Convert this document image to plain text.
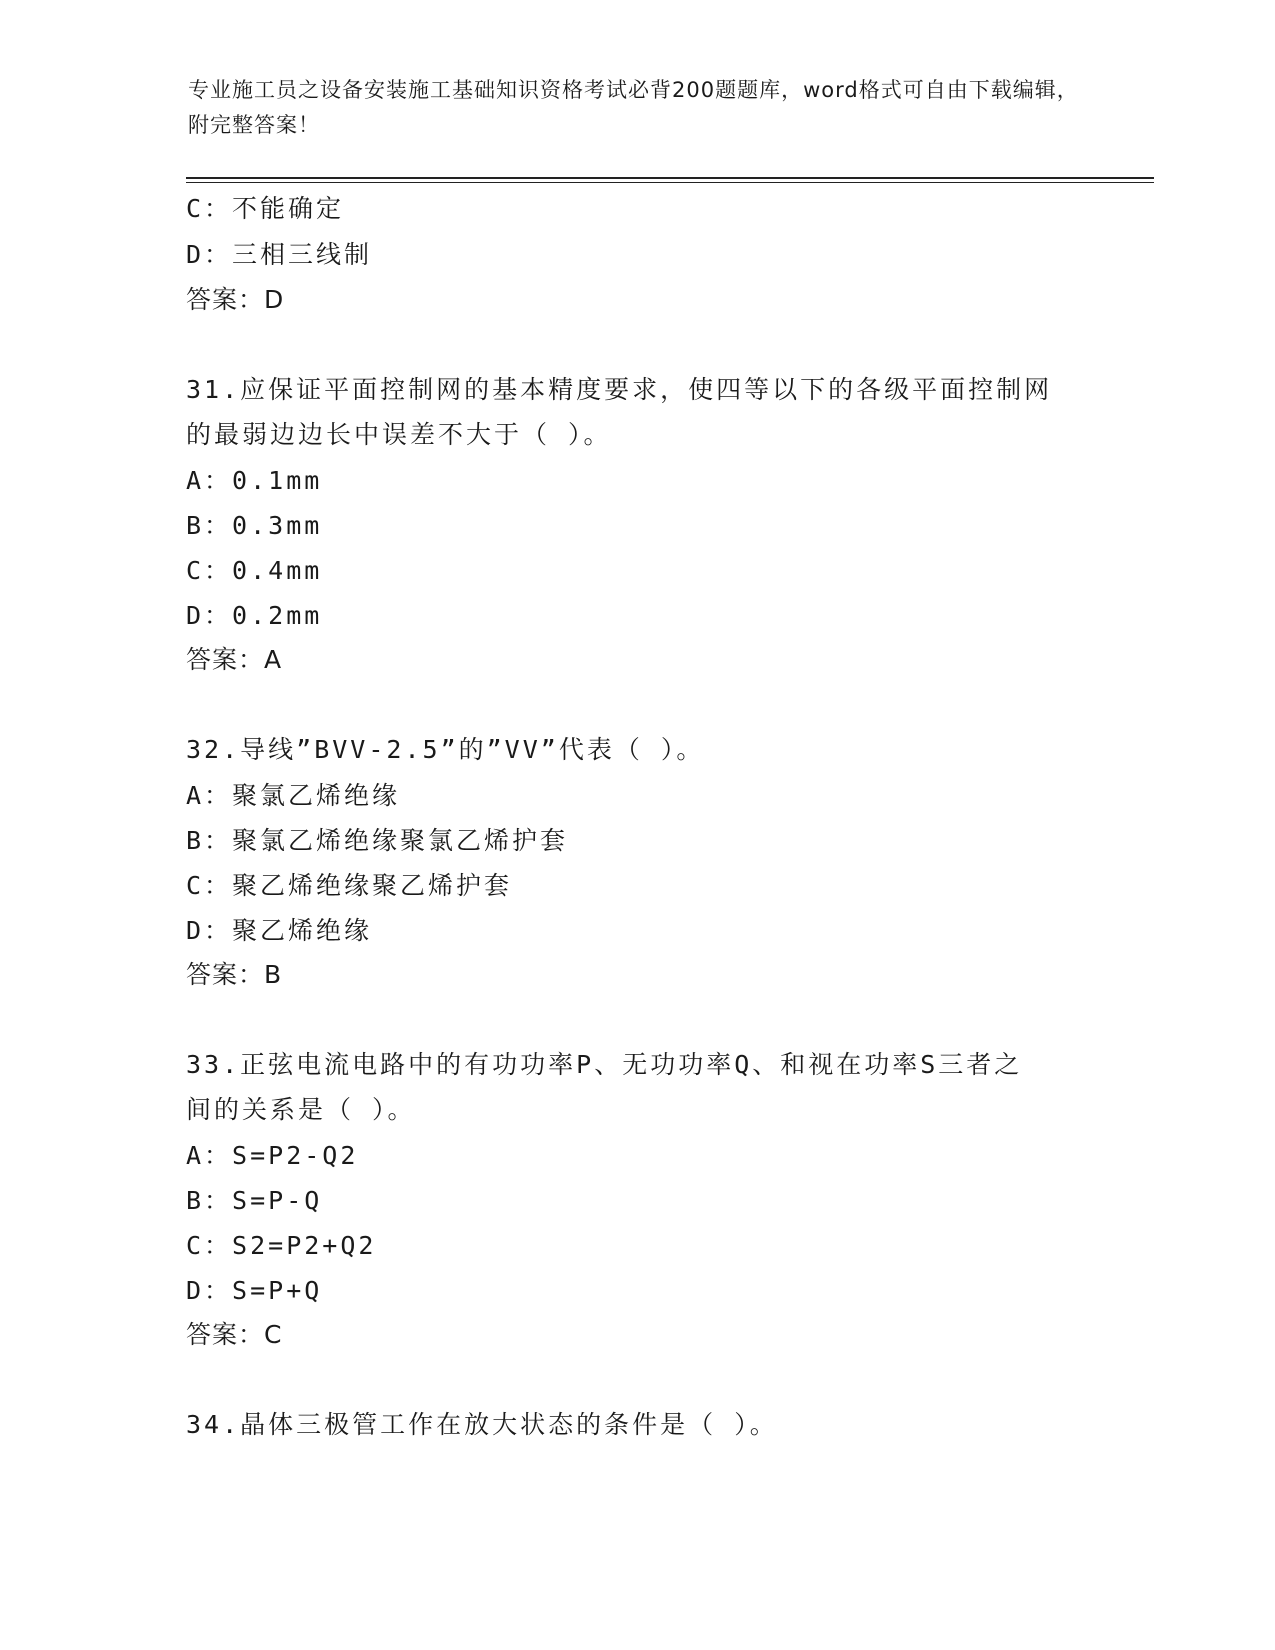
专业施工员之设备安装施工基础知识资格考试必背200题题库，word格式可自由下载编辑，附完整答案！
C：不能确定
D：三相三线制
答案：D
31.应保证平面控制网的基本精度要求，使四等以下的各级平面控制网
的最弱边边长中误差不大于（ ）。
A：0.1mm
B：0.3mm
C：0.4mm
D：0.2mm
答案：A
32.导线”BVV-2.5”的”VV”代表（ ）。
A：聚氯乙烯绝缘
B：聚氯乙烯绝缘聚氯乙烯护套
C：聚乙烯绝缘聚乙烯护套
D：聚乙烯绝缘
答案：B
33.正弦电流电路中的有功功率P、无功功率Q、和视在功率S三者之
间的关系是（ ）。
A：S=P2-Q2
B：S=P-Q
C：S2=P2+Q2
D：S=P+Q
答案：C
34.晶体三极管工作在放大状态的条件是（ ）。
